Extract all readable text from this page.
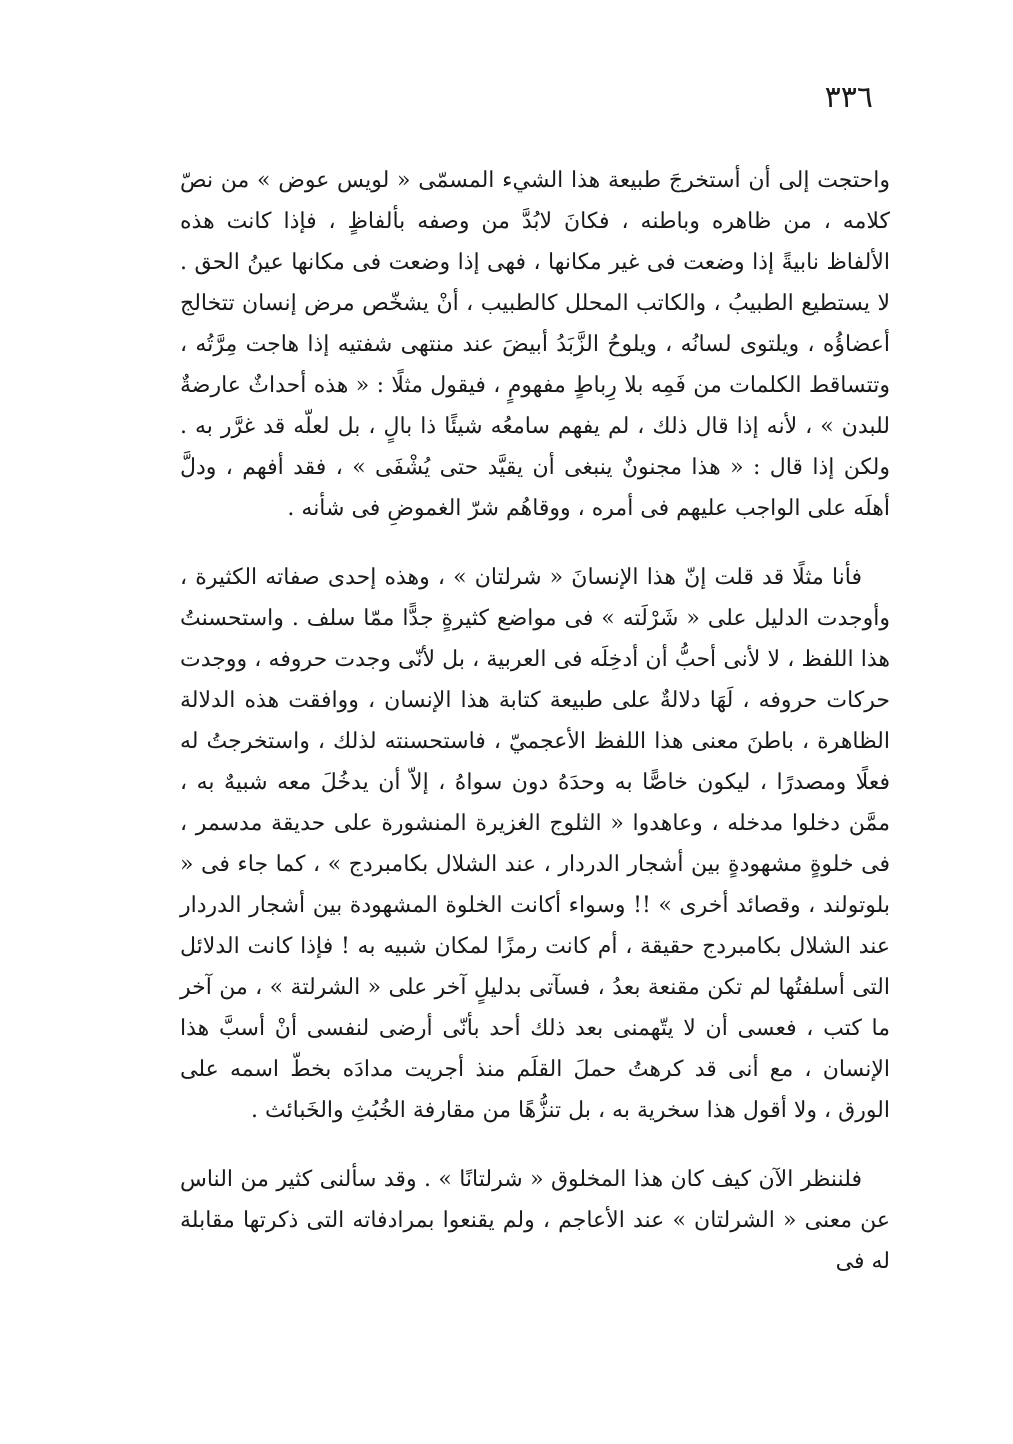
٣٣٦

واحتجت إلى أن أستخرجَ طبيعة هذا الشيء المسمّى « لويس عوض » من نصّ كلامه ، من ظاهره وباطنه ، فكانَ لابُدَّ من وصفه بألفاظٍ ، فإذا كانت هذه الألفاظ نابيةً إذا وضعت فى غير مكانها ، فهى إذا وضعت فى مكانها عينُ الحق . لا يستطيع الطبيبُ ، والكاتب المحلل كالطبيب ، أنْ يشخّص مرض إنسان تتخالج أعضاؤُه ، ويلتوى لسانُه ، ويلوحُ الزَّبَدُ أبيضَ عند منتهى شفتيه إذا هاجت مِرَّتُه ، وتتساقط الكلمات من فَمِه بلا رِباطٍ مفهومٍ ، فيقول مثلًا : « هذه أحداثٌ عارضةٌ للبدن » ، لأنه إذا قال ذلك ، لم يفهم سامعُه شيئًا ذا بالٍ ، بل لعلّه قد غرَّر به . ولكن إذا قال : « هذا مجنونٌ ينبغى أن يقيَّد حتى يُشْفَى » ، فقد أفهم ، ودلَّ أهلَه على الواجب عليهم فى أمره ، ووقاهُم شرّ الغموضِ فى شأنه .

فأنا مثلًا قد قلت إنّ هذا الإنسانَ « شرلتان » ، وهذه إحدى صفاته الكثيرة ، وأوجدت الدليل على « شَرْلَته » فى مواضع كثيرةٍ جدًّا ممّا سلف . واستحسنتُ هذا اللفظ ، لا لأنى أحبُّ أن أدخِلَه فى العربية ، بل لأنّى وجدت حروفه ، ووجدت حركات حروفه ، لَهَا دلالةٌ على طبيعة كتابة هذا الإنسان ، ووافقت هذه الدلالة الظاهرة ، باطنَ معنى هذا اللفظ الأعجميّ ، فاستحسنته لذلك ، واستخرجتُ له فعلًا ومصدرًا ، ليكون خاصًّا به وحدَهُ دون سواهُ ، إلاّ أن يدخُلَ معه شبيهٌ به ، ممَّن دخلوا مدخله ، وعاهدوا « الثلوج الغزيرة المنشورة على حديقة مدسمر ، فى خلوةٍ مشهودةٍ بين أشجار الدردار ، عند الشلال بكامبردج » ، كما جاء فى « بلوتولند ، وقصائد أخرى » !! وسواء أكانت الخلوة المشهودة بين أشجار الدردار عند الشلال بكامبردج حقيقة ، أم كانت رمزًا لمكان شبيه به ! فإذا كانت الدلائل التى أسلفتُها لم تكن مقنعة بعدُ ، فسآتى بدليلٍ آخر على « الشرلتة » ، من آخر ما كتب ، فعسى أن لا يتّهمنى بعد ذلك أحد بأنّى أرضى لنفسى أنْ أسبَّ هذا الإنسان ، مع أنى قد كرهتُ حملَ القلَم منذ أجريت مدادَه بخطّ اسمه على الورق ، ولا أقول هذا سخرية به ، بل تنزُّهًا من مقارفة الخُبُثِ والخَبائث .

فلننظر الآن كيف كان هذا المخلوق « شرلتانًا » . وقد سألنى كثير من الناس عن معنى « الشرلتان » عند الأعاجم ، ولم يقنعوا بمرادفاته التى ذكرتها مقابلة له فى
